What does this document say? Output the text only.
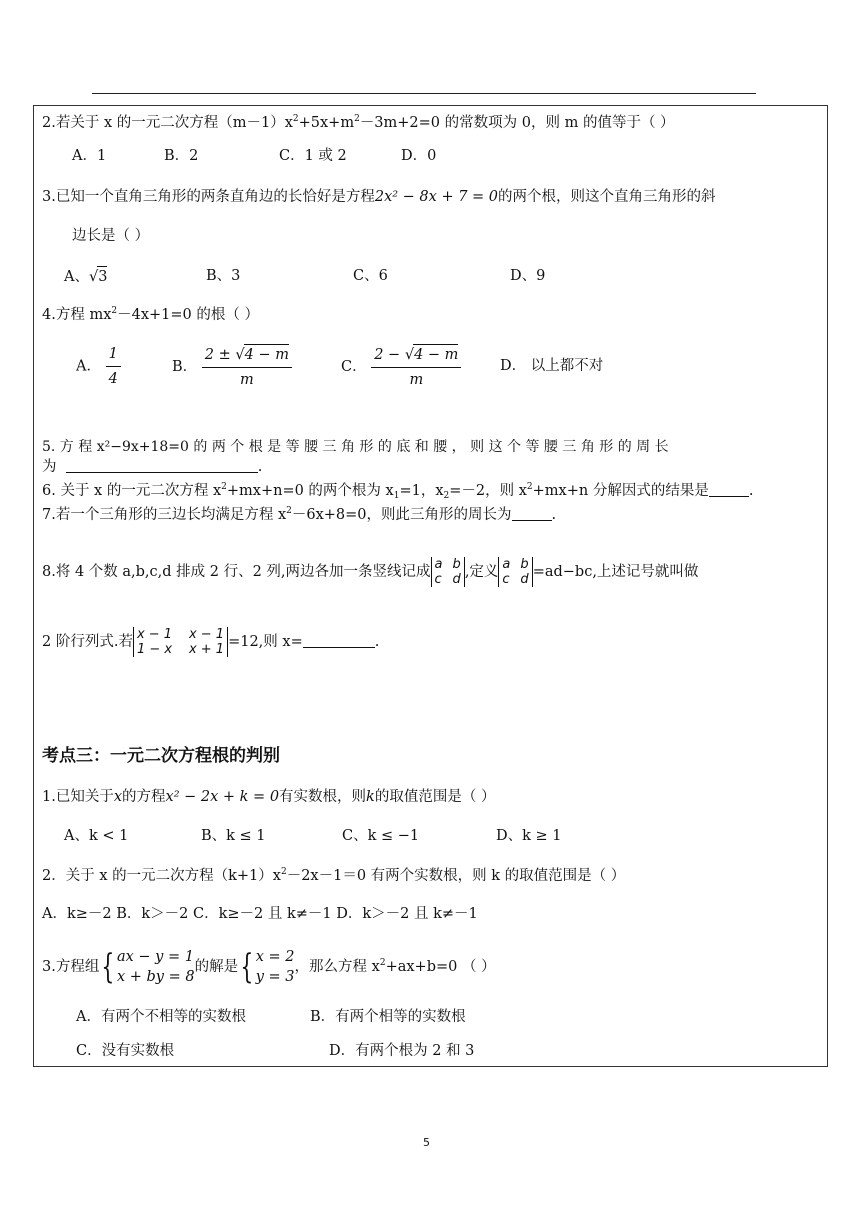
2.若关于 x 的一元二次方程$(m-1)x^2+5x+m^2-3m+2=0$ 的常数项为 0，则 m 的值等于（ ）
A．1	B．2	C．1 或 2	D．0
3.已知一个直角三角形的两条直角边的长恰好是方程2x² − 8x + 7 = 0的两个根，则这个直角三角形的斜
边长是（ ）
A、√3	B、3	C、6	D、9
4.方程 $mx^2-4x+1=0$ 的根（ ）
A． $\frac{1}{4}$	B． $\frac{2 \pm √4 - m}{m}$	C． $\frac{2 - √4 - m}{m}$	D． 以上都不对
5. 方 程 x²−9x+18=0 的 两 个 根 是 等 腰 三 角 形 的 底 和 腰 ， 则 这 个 等 腰 三 角 形 的 周 长
为	.
6. 关于 x 的一元二次方程 $x^2+mx+n=0$ 的两个根为 $x_1=1$，$x_2=-2$，则 $x^2+mx+n$ 分解因式的结果是	.
7.若一个三角形的三边长均满足方程 $x^2-6x+8=0$，则此三角形的周长为	.
8.将 4 个数 a,b,c,d 排成 2 行、2 列,两边各加一条竖线记成 a b
c d ,定义 a b
c d =ad−bc,上述记号就叫做
2 阶行列式.若 x − 1 x − 1
1 − x x + 1 =12,则 x=	.
考点三：一元二次方程根的判别
1.已知关于x的方程x² − 2x + k = 0有实数根，则k的取值范围是（ ）
A、k < 1	B、k ≤ 1	C、k ≤ −1	D、k ≥ 1
2．关于 x 的一元二次方程$(k+1)x^2-2x-1=0$ 有两个实数根，则 k 的取值范围是（ ）
A．k≥－2 B．k＞－2 C．k≥－2 且 k≠－1 D．k＞－2 且 k≠－1
3.方程组{ ax − y = 1
x + by = 8
的解是{ x = 2
y = 3
，那么方程 $x^2+ax+b=0$ （ ）
A．有两个不相等的实数根	B．有两个相等的实数根
C．没有实数根	D．有两个根为 2 和 3
5
